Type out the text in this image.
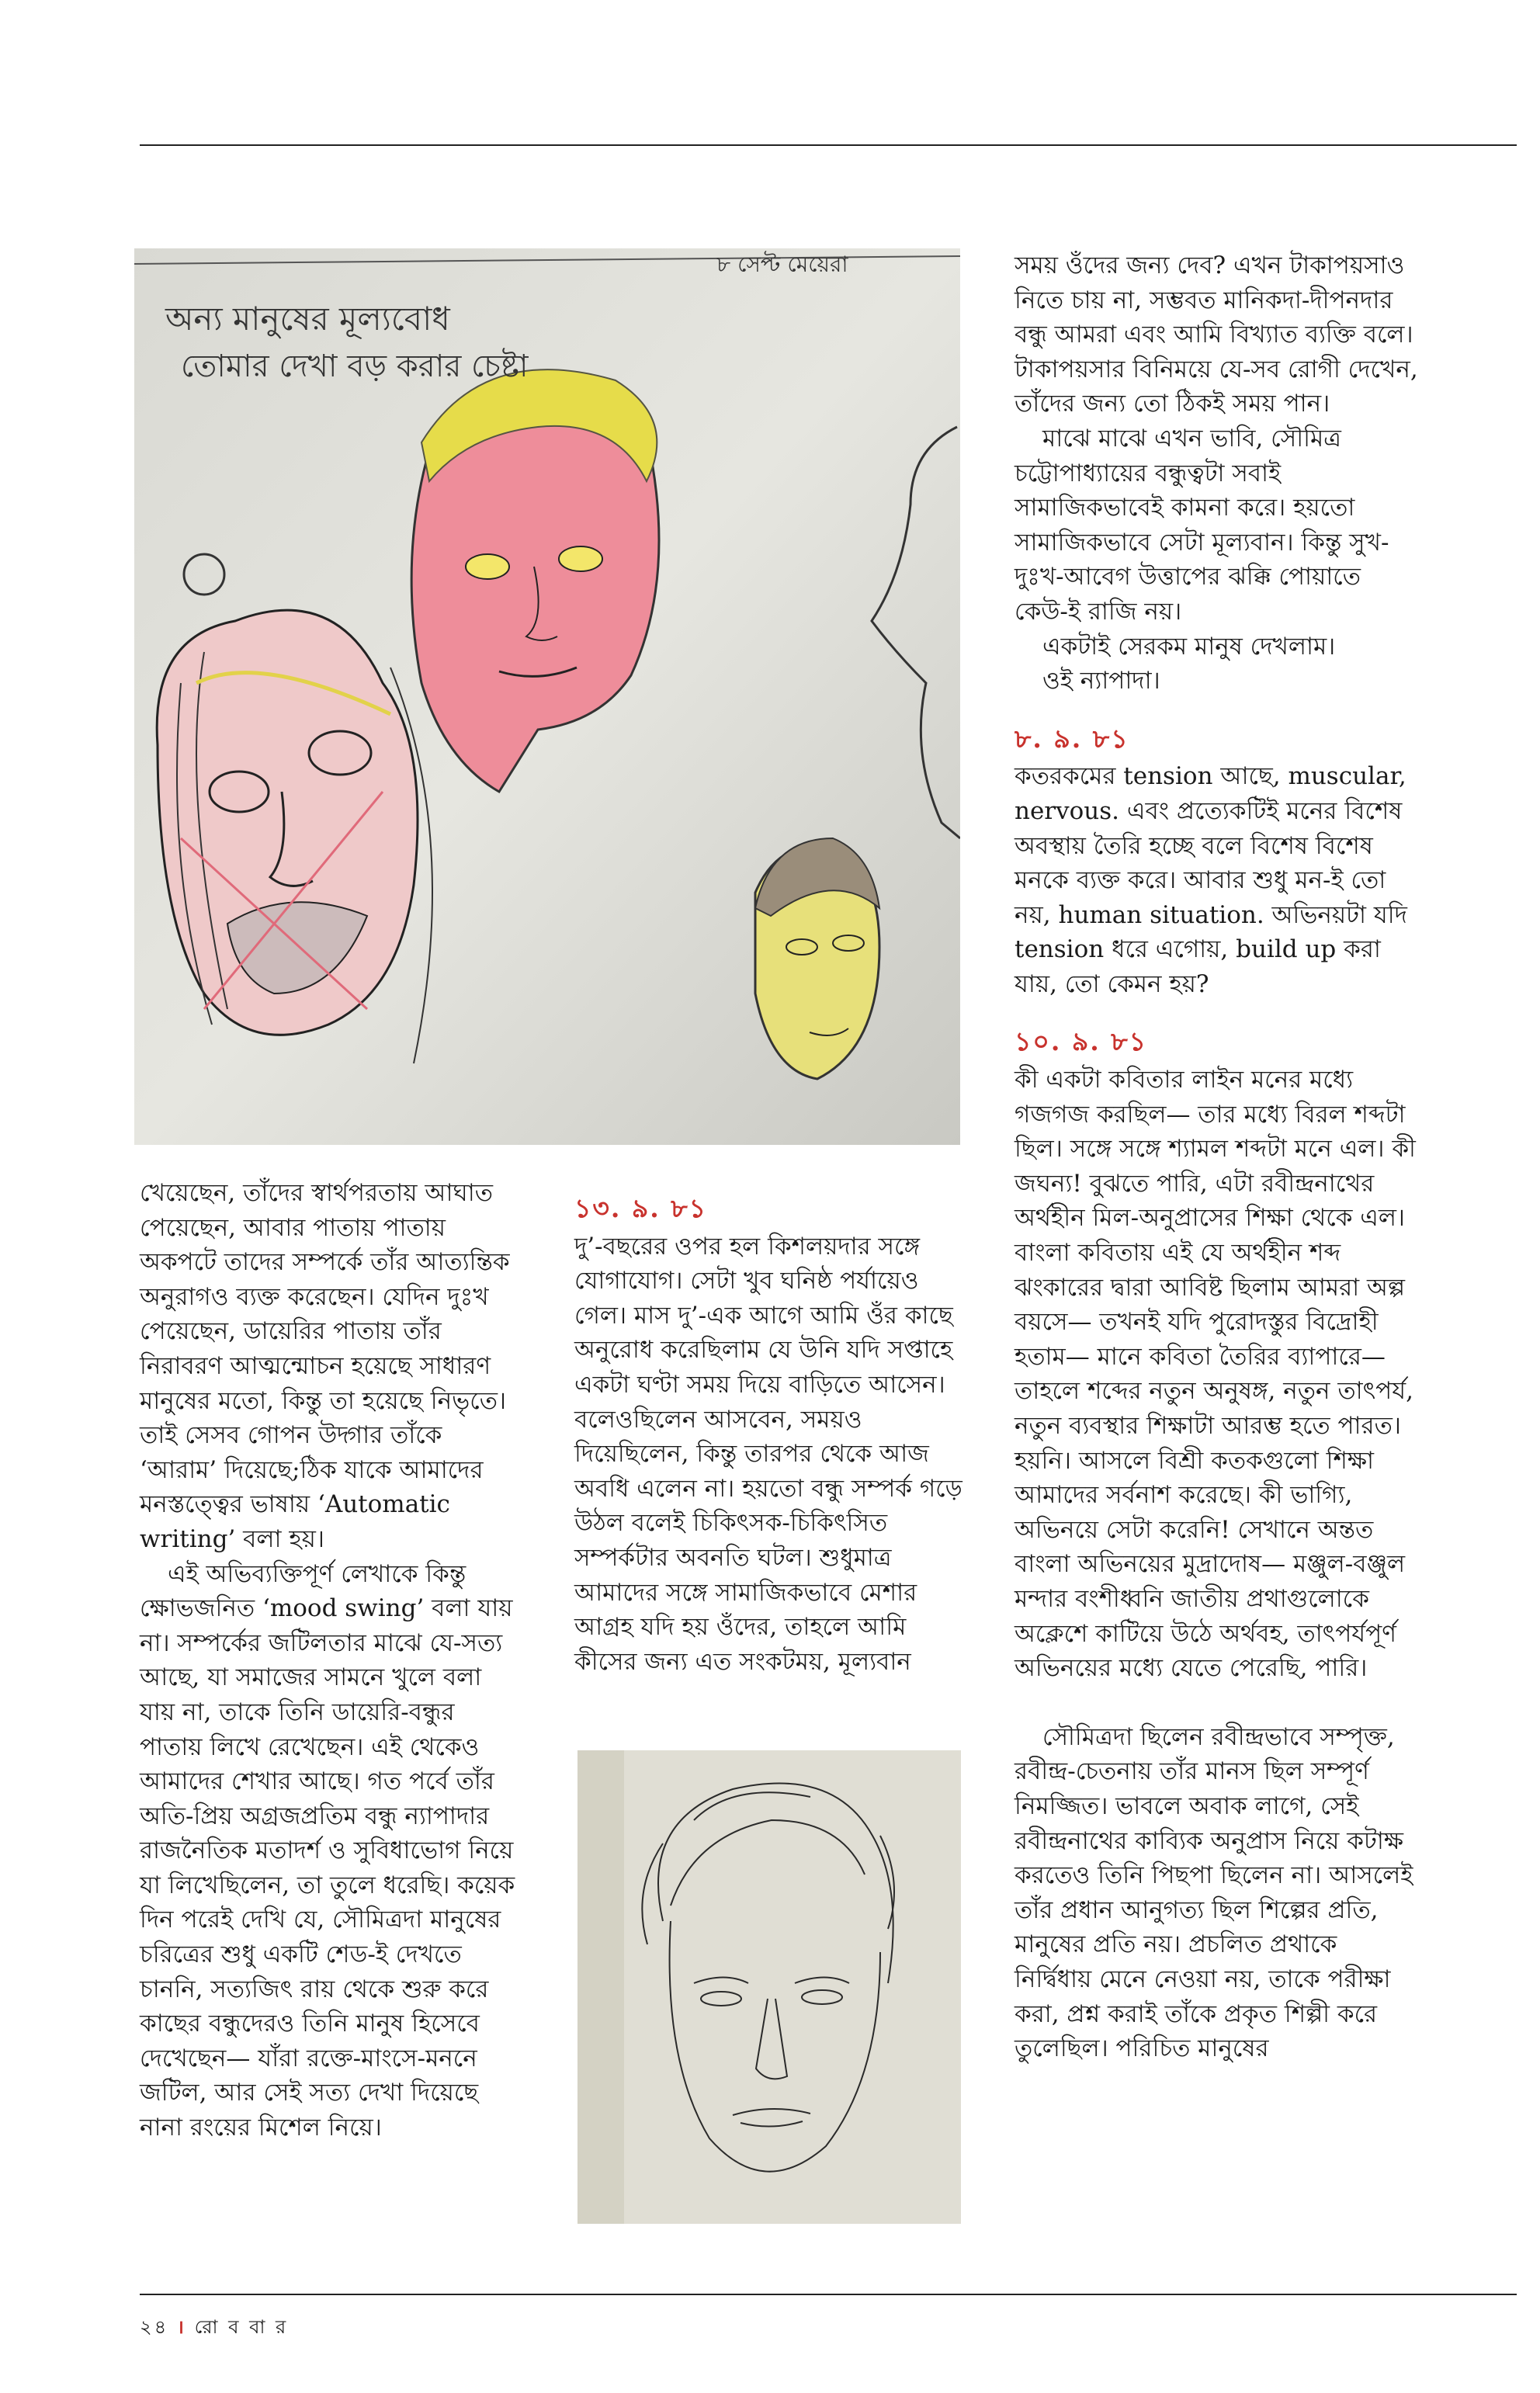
অন্য মানুষের মূল্যবোধ
তোমার দেখা বড় করার চেষ্টা
৮ সেপ্ট মেয়েরা	সময় ওঁদের জন্য দেব? এখন টাকাপয়সাও নিতে চায় না, সম্ভবত মানিকদা-দীপনদার বন্ধু আমরা এবং আমি বিখ্যাত ব্যক্তি বলে। টাকাপয়সার বিনিময়ে যে-সব রোগী দেখেন, তাঁদের জন্য তো ঠিকই সময় পান।

মাঝে মাঝে এখন ভাবি, সৌমিত্র চট্টোপাধ্যায়ের বন্ধুত্বটা সবাই সামাজিকভাবেই কামনা করে। হয়তো সামাজিকভাবে সেটা মূল্যবান। কিন্তু সুখ-দুঃখ-আবেগ উত্তাপের ঝক্কি পোয়াতে কেউ-ই রাজি নয়।

একটাই সেরকম মানুষ দেখলাম।

ওই ন্যাপাদা।

৮. ৯. ৮১

কতরকমের tension আছে, muscular, nervous. এবং প্রত্যেকটিই মনের বিশেষ অবস্থায় তৈরি হচ্ছে বলে বিশেষ বিশেষ মনকে ব্যক্ত করে। আবার শুধু মন-ই তো নয়, human situation. অভিনয়টা যদি tension ধরে এগোয়, build up করা যায়, তো কেমন হয়?

১০. ৯. ৮১

কী একটা কবিতার লাইন মনের মধ্যে গজগজ করছিল— তার মধ্যে বিরল শব্দটা ছিল। সঙ্গে সঙ্গে শ্যামল শব্দটা মনে এল। কী জঘন্য! বুঝতে পারি, এটা রবীন্দ্রনাথের অর্থহীন মিল-অনুপ্রাসের শিক্ষা থেকে এল। বাংলা কবিতায় এই যে অর্থহীন শব্দ ঝংকারের দ্বারা আবিষ্ট ছিলাম আমরা অল্প বয়সে— তখনই যদি পুরোদস্তুর বিদ্রোহী হতাম— মানে কবিতা তৈরির ব্যাপারে— তাহলে শব্দের নতুন অনুষঙ্গ, নতুন তাৎপর্য, নতুন ব্যবস্থার শিক্ষাটা আরম্ভ হতে পারত। হয়নি। আসলে বিশ্রী কতকগুলো শিক্ষা আমাদের সর্বনাশ করেছে। কী ভাগ্যি, অভিনয়ে সেটা করেনি! সেখানে অন্তত বাংলা অভিনয়ের মুদ্রাদোষ— মঞ্জুল-বঞ্জুল মন্দার বংশীধ্বনি জাতীয় প্রথাগুলোকে অক্লেশে কাটিয়ে উঠে অর্থবহ, তাৎপর্যপূর্ণ অভিনয়ের মধ্যে যেতে পেরেছি, পারি।

সৌমিত্রদা ছিলেন রবীন্দ্রভাবে সম্পৃক্ত, রবীন্দ্র-চেতনায় তাঁর মানস ছিল সম্পূর্ণ নিমজ্জিত। ভাবলে অবাক লাগে, সেই রবীন্দ্রনাথের কাব্যিক অনুপ্রাস নিয়ে কটাক্ষ করতেও তিনি পিছপা ছিলেন না। আসলেই তাঁর প্রধান আনুগত্য ছিল শিল্পের প্রতি, মানুষের প্রতি নয়। প্রচলিত প্রথাকে নির্দ্বিধায় মেনে নেওয়া নয়, তাকে পরীক্ষা করা, প্রশ্ন করাই তাঁকে প্রকৃত শিল্পী করে তুলেছিল। পরিচিত মানুষের

খেয়েছেন, তাঁদের স্বার্থপরতায় আঘাত পেয়েছেন, আবার পাতায় পাতায় অকপটে তাদের সম্পর্কে তাঁর আত্যন্তিক অনুরাগও ব্যক্ত করেছেন। যেদিন দুঃখ পেয়েছেন, ডায়েরির পাতায় তাঁর নিরাবরণ আত্মন্মোচন হয়েছে সাধারণ মানুষের মতো, কিন্তু তা হয়েছে নিভৃতে। তাই সেসব গোপন উদ্গার তাঁকে ‘আরাম’ দিয়েছে;ঠিক যাকে আমাদের মনস্তত্ত্বের ভাষায় ‘Automatic writing’ বলা হয়।

এই অভিব্যক্তিপূর্ণ লেখাকে কিন্তু ক্ষোভজনিত ‘mood swing’ বলা যায় না। সম্পর্কের জটিলতার মাঝে যে-সত্য আছে, যা সমাজের সামনে খুলে বলা যায় না, তাকে তিনি ডায়েরি-বন্ধুর পাতায় লিখে রেখেছেন। এই থেকেও আমাদের শেখার আছে। গত পর্বে তাঁর অতি-প্রিয় অগ্রজপ্রতিম বন্ধু ন্যাপাদার রাজনৈতিক মতাদর্শ ও সুবিধাভোগ নিয়ে যা লিখেছিলেন, তা তুলে ধরেছি। কয়েক দিন পরেই দেখি যে, সৌমিত্রদা মানুষের চরিত্রের শুধু একটি শেড-ই দেখতে চাননি, সত্যজিৎ রায় থেকে শুরু করে কাছের বন্ধুদেরও তিনি মানুষ হিসেবে দেখেছেন— যাঁরা রক্তে-মাংসে-মননে জটিল, আর সেই সত্য দেখা দিয়েছে নানা রংয়ের মিশেল নিয়ে।

১৩. ৯. ৮১

দু’-বছরের ওপর হল কিশলয়দার সঙ্গে যোগাযোগ। সেটা খুব ঘনিষ্ঠ পর্যায়েও গেল। মাস দু’-এক আগে আমি ওঁর কাছে অনুরোধ করেছিলাম যে উনি যদি সপ্তাহে একটা ঘণ্টা সময় দিয়ে বাড়িতে আসেন। বলেওছিলেন আসবেন, সময়ও দিয়েছিলেন, কিন্তু তারপর থেকে আজ অবধি এলেন না। হয়তো বন্ধু সম্পর্ক গড়ে উঠল বলেই চিকিৎসক-চিকিৎসিত সম্পর্কটার অবনতি ঘটল। শুধুমাত্র আমাদের সঙ্গে সামাজিকভাবে মেশার আগ্রহ যদি হয় ওঁদের, তাহলে আমি কীসের জন্য এত সংকটময়, মূল্যবান

২৪ । রো ব বা র
